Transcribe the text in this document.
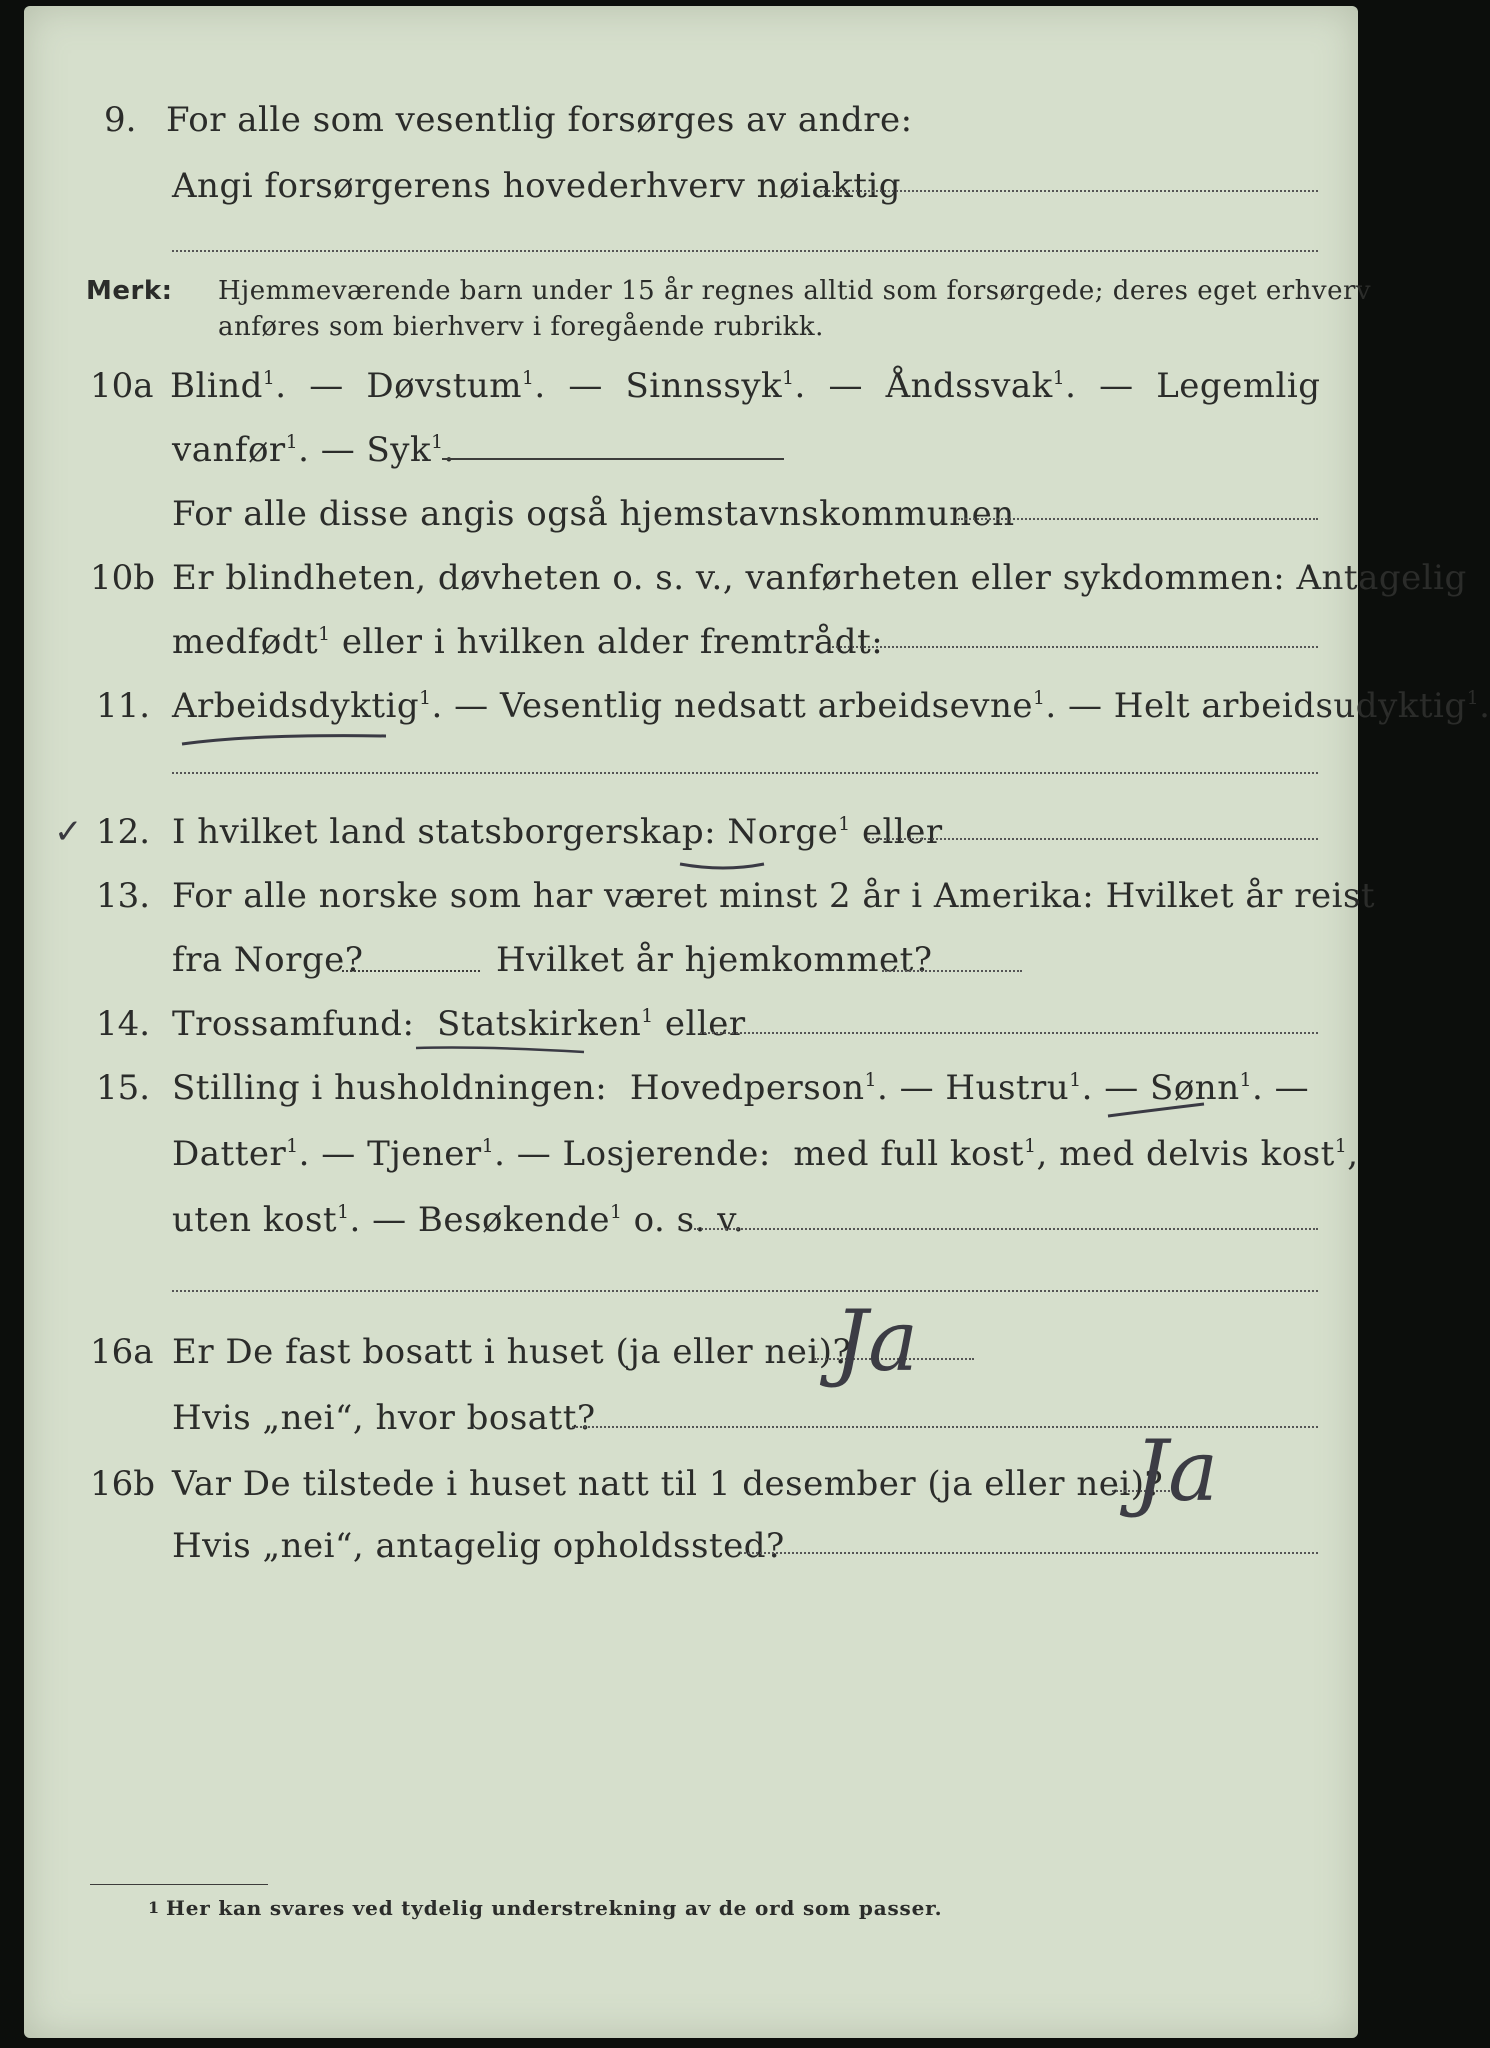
9. For alle som vesentlig forsørges av andre:
Angi forsørgerens hovederhverv nøiaktig
Merk: Hjemmeværende barn under 15 år regnes alltid som forsørgede; deres eget erhverv
anføres som bierhverv i foregående rubrikk.
10a Blind$^1$.  —  Døvstum$^1$.  —  Sinnssyk$^1$.  —  Åndssvak$^1$.  —  Legemlig
vanfør$^1$. — Syk$^1$.
For alle disse angis også hjemstavnskommunen
10b Er blindheten, døvheten o. s. v., vanførheten eller sykdommen: Antagelig
medfødt$^1$ eller i hvilken alder fremtrådt:
11. Arbeidsdyktig$^1$. — Vesentlig nedsatt arbeidsevne$^1$. — Helt arbeidsudyktig$^1$.
✓ 12. I hvilket land statsborgerskap: Norge$^1$ eller
13. For alle norske som har været minst 2 år i Amerika: Hvilket år reist
fra Norge?	Hvilket år hjemkommet?
14. Trossamfund: Statskirken$^1$ eller
15. Stilling i husholdningen: Hovedperson$^1$. — Hustru$^1$. — Sønn$^1$. —
Datter$^1$. — Tjener$^1$. — Losjerende: med full kost$^1$, med delvis kost$^1$,
uten kost$^1$. — Besøkende$^1$ o. s. v.
16a Er De fast bosatt i huset (ja eller nei)?
Ja
Hvis „nei“, hvor bosatt?
16b Var De tilstede i huset natt til 1 desember (ja eller nei)?
Ja
Hvis „nei“, antagelig opholdssted?
1 Her kan svares ved tydelig understrekning av de ord som passer.
